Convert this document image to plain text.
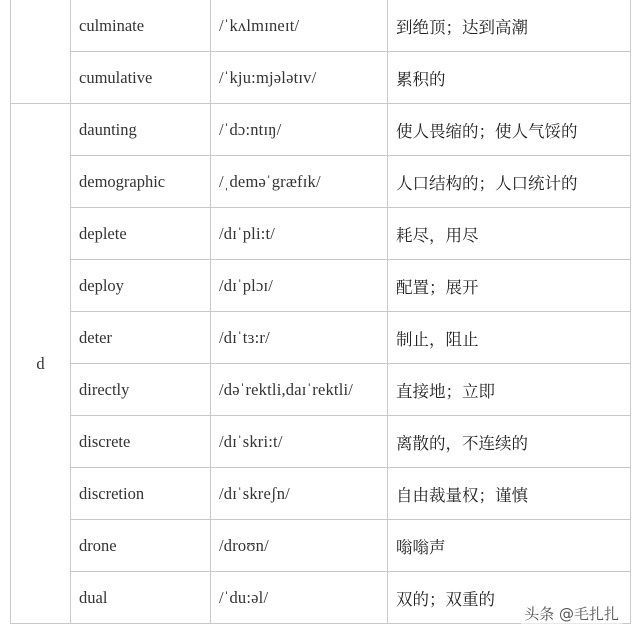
	culminate	/ˈkʌlmɪneɪt/	到绝顶；达到高潮
	cumulative	/ˈkju:mjələtɪv/	累积的
d	daunting	/ˈdɔ:ntɪŋ/	使人畏缩的；使人气馁的
	demographic	/ˌdeməˈgræfɪk/	人口结构的；人口统计的
	deplete	/dɪˈpli:t/	耗尽，用尽
	deploy	/dɪˈplɔɪ/	配置；展开
	deter	/dɪˈtɜ:r/	制止，阻止
	directly	/dəˈrektli,daɪˈrektli/	直接地；立即
	discrete	/dɪˈskri:t/	离散的，不连续的
	discretion	/dɪˈskreʃn/	自由裁量权；谨慎
	drone	/droʊn/	嗡嗡声
	dual	/ˈdu:əl/	双的；双重的
头条 @毛扎扎
